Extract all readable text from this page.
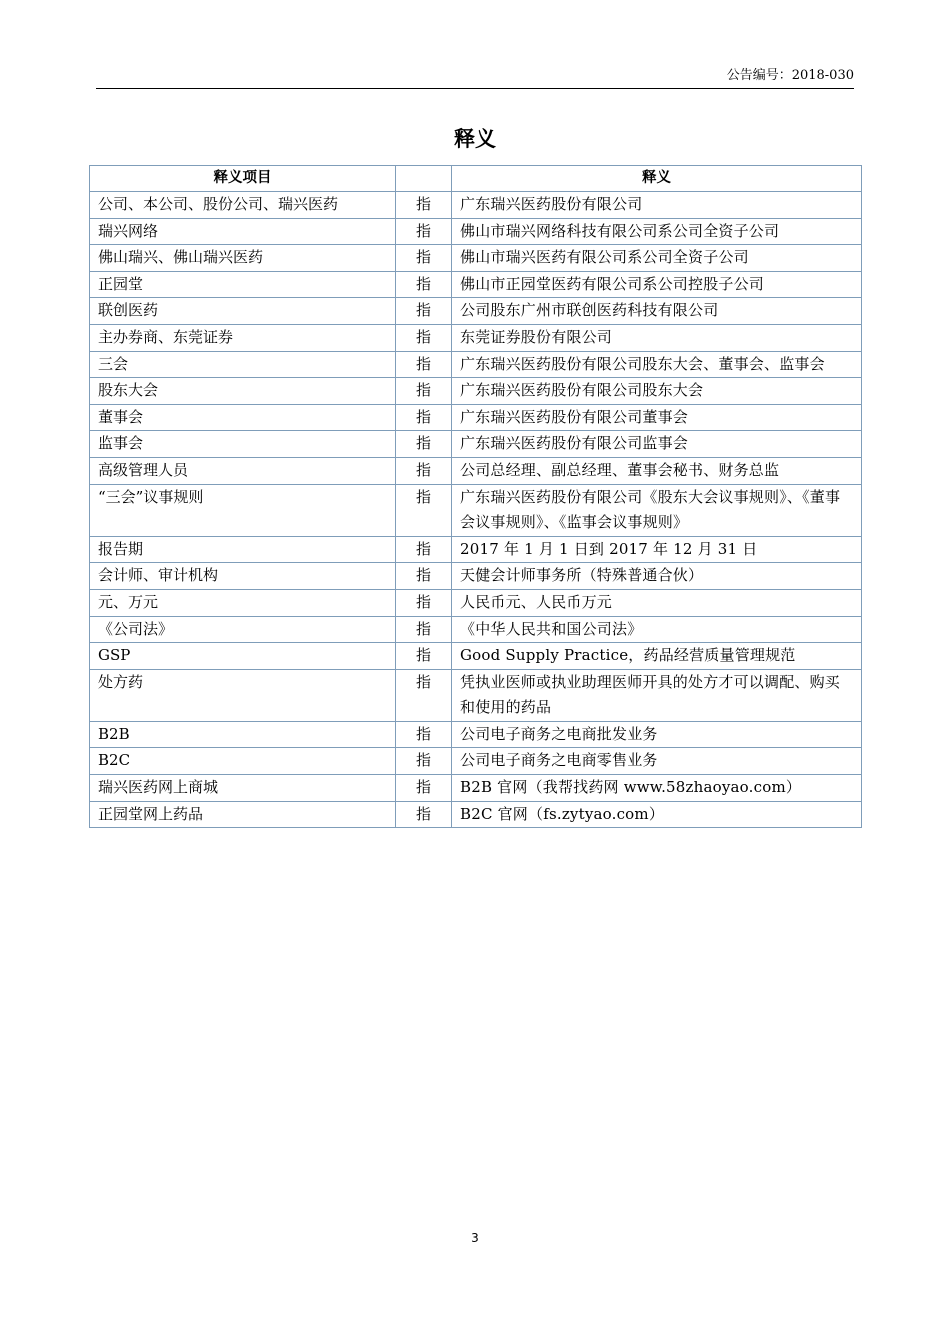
公告编号：2018-030
释义
释义项目		释义
公司、本公司、股份公司、瑞兴医药	指	广东瑞兴医药股份有限公司
瑞兴网络	指	佛山市瑞兴网络科技有限公司系公司全资子公司
佛山瑞兴、佛山瑞兴医药	指	佛山市瑞兴医药有限公司系公司全资子公司
正园堂	指	佛山市正园堂医药有限公司系公司控股子公司
联创医药	指	公司股东广州市联创医药科技有限公司
主办券商、东莞证券	指	东莞证券股份有限公司
三会	指	广东瑞兴医药股份有限公司股东大会、董事会、监事会
股东大会	指	广东瑞兴医药股份有限公司股东大会
董事会	指	广东瑞兴医药股份有限公司董事会
监事会	指	广东瑞兴医药股份有限公司监事会
高级管理人员	指	公司总经理、副总经理、董事会秘书、财务总监
“三会”议事规则	指	广东瑞兴医药股份有限公司《股东大会议事规则》、《董事会议事规则》、《监事会议事规则》
报告期	指	2017 年 1 月 1 日到 2017 年 12 月 31 日
会计师、审计机构	指	天健会计师事务所（特殊普通合伙）
元、万元	指	人民币元、人民币万元
《公司法》	指	《中华人民共和国公司法》
GSP	指	Good Supply Practice，药品经营质量管理规范
处方药	指	凭执业医师或执业助理医师开具的处方才可以调配、购买和使用的药品
B2B	指	公司电子商务之电商批发业务
B2C	指	公司电子商务之电商零售业务
瑞兴医药网上商城	指	B2B 官网（我帮找药网 www.58zhaoyao.com）
正园堂网上药品	指	B2C 官网（fs.zytyao.com）
3
